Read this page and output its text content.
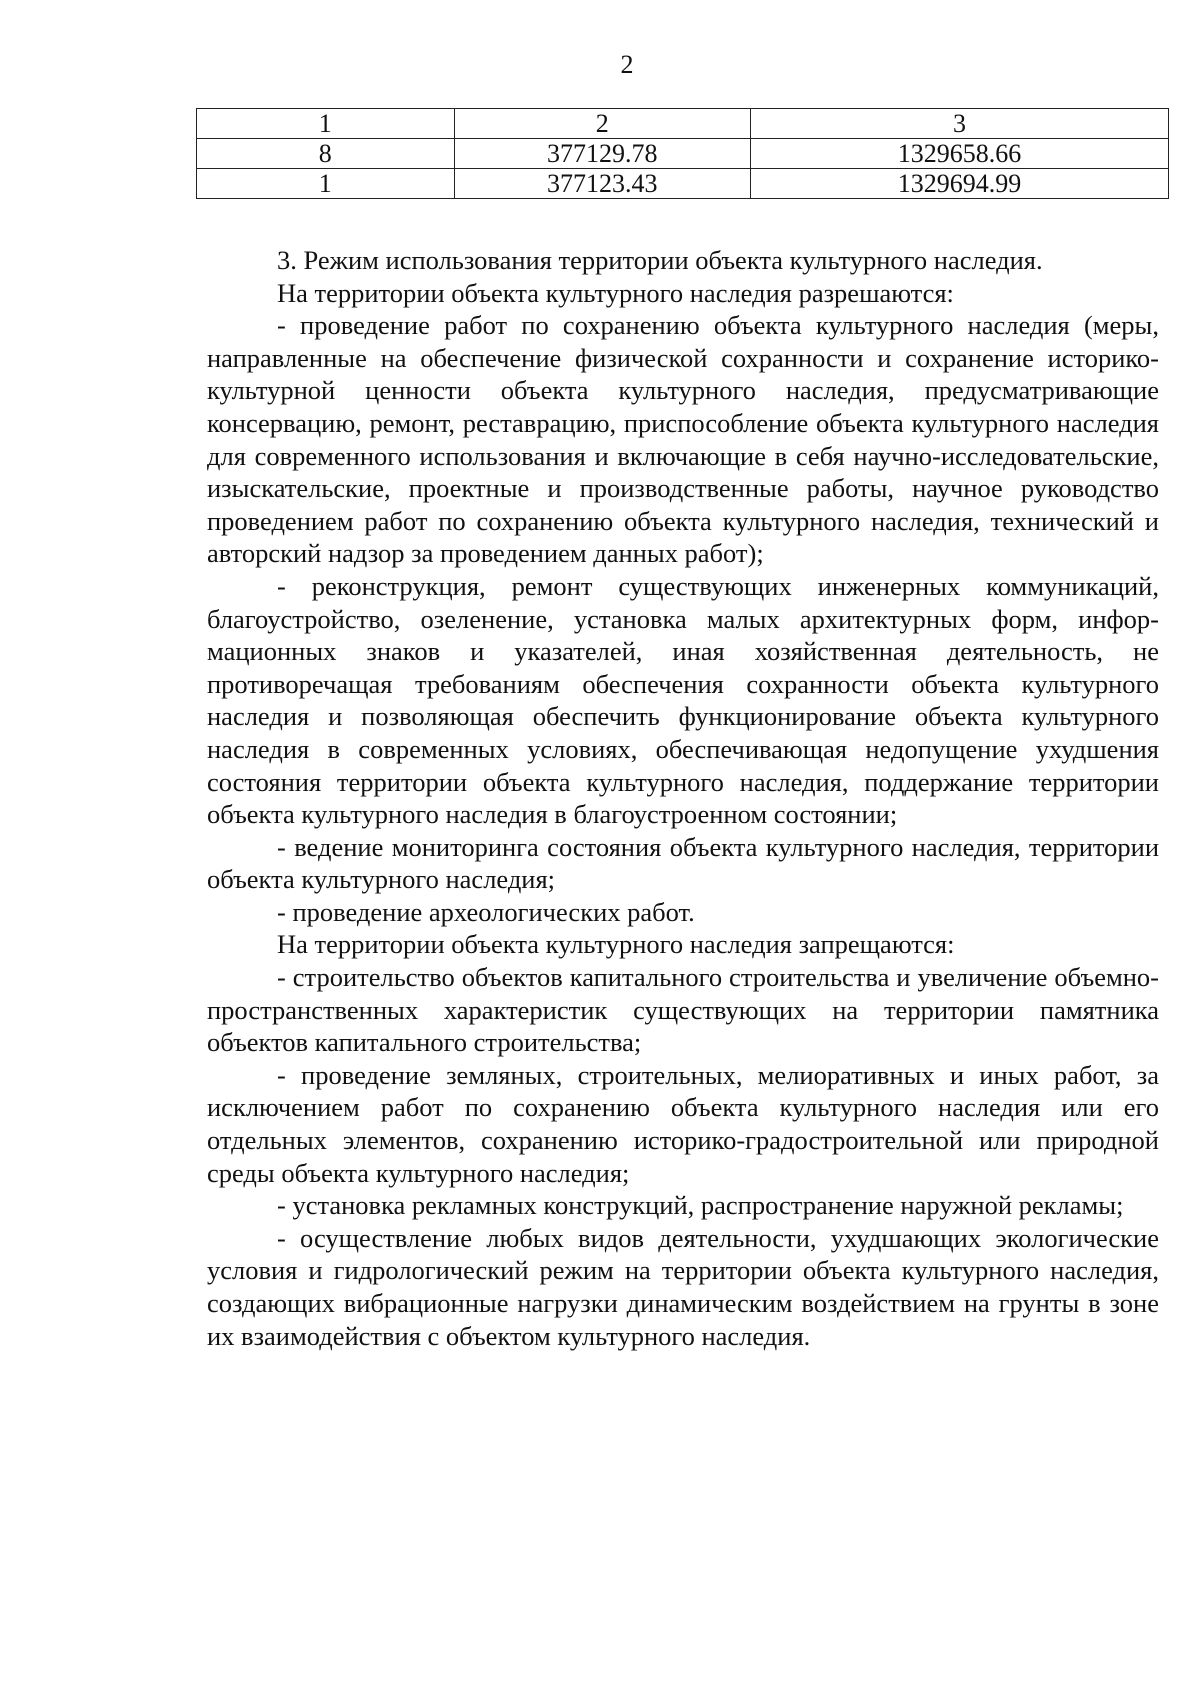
2
1	2	3
8	377129.78	1329658.66
1	377123.43	1329694.99

3. Режим использования территории объекта культурного наследия.

На территории объекта культурного наследия разрешаются:

- проведение работ по сохранению объекта культурного наследия (меры, направленные на обеспечение физической сохранности и сохранение историко-культурной ценности объекта культурного наследия, предусматривающие консервацию, ремонт, реставрацию, приспособление объекта культурного наследия для современного использования и включающие в себя научно-исследовательские, изыскательские, проектные и производственные работы, научное руководство проведением работ по сохранению объекта культурного наследия, технический и авторский надзор за проведением данных работ);

- реконструкция, ремонт существующих инженерных коммуникаций, благоустройство, озеленение, установка малых архитектурных форм, информационных знаков и указателей, иная хозяйственная деятельность, не противоречащая требованиям обеспечения сохранности объекта культурного наследия и позволяющая обеспечить функционирование объекта культурного наследия в современных условиях, обеспечивающая недопущение ухудшения состояния территории объекта культурного наследия, поддержание территории объекта культурного наследия в благоустроенном состоянии;

- ведение мониторинга состояния объекта культурного наследия, территории объекта культурного наследия;

- проведение археологических работ.

На территории объекта культурного наследия запрещаются:

- строительство объектов капитального строительства и увеличение объемно-пространственных характеристик существующих на территории памятника объектов капитального строительства;

- проведение земляных, строительных, мелиоративных и иных работ, за исключением работ по сохранению объекта культурного наследия или его отдельных элементов, сохранению историко-градостроительной или природной среды объекта культурного наследия;

- установка рекламных конструкций, распространение наружной рекламы;

- осуществление любых видов деятельности, ухудшающих экологические условия и гидрологический режим на территории объекта культурного наследия, создающих вибрационные нагрузки динамическим воздействием на грунты в зоне их взаимодействия с объектом культурного наследия.
